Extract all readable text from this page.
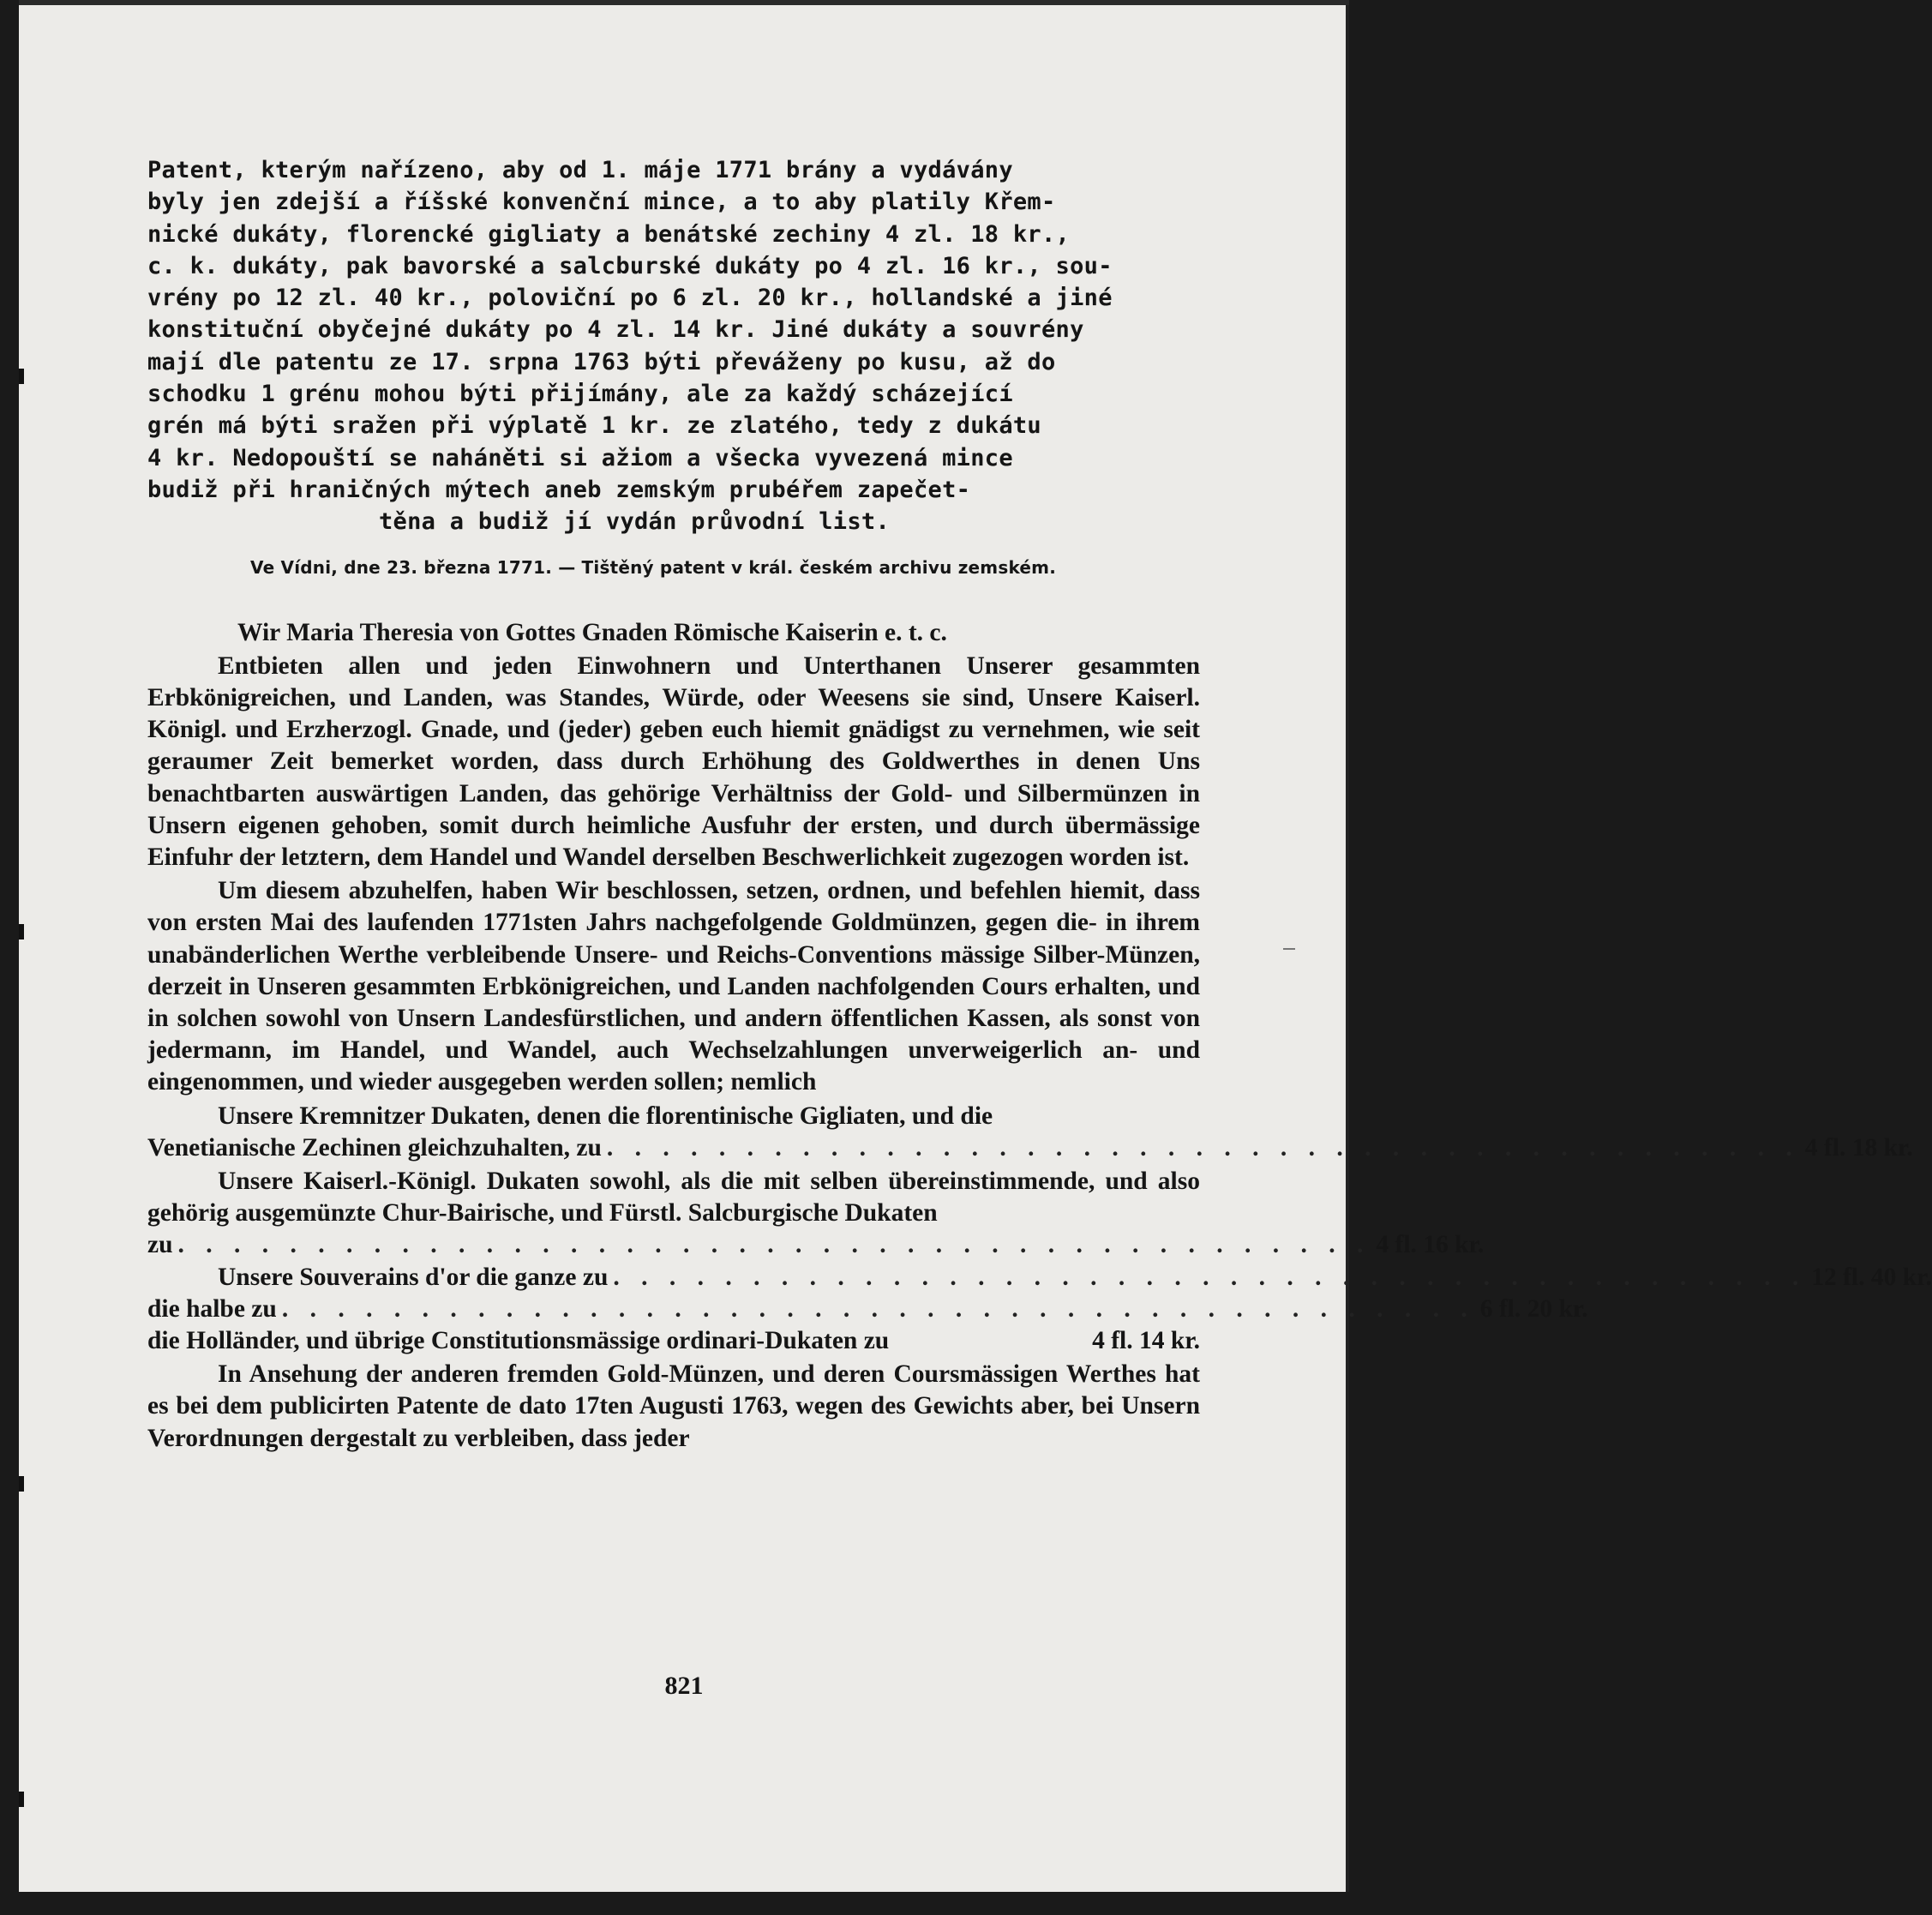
Patent, kterým nařízeno, aby od 1. máje 1771 brány a vydávány
byly jen zdejší a říšské konvenční mince, a to aby platily Křem-
nické dukáty, florencké gigliaty a benátské zechiny 4 zl. 18 kr.,
c. k. dukáty, pak bavorské a salcburské dukáty po 4 zl. 16 kr., sou-
vrény po 12 zl. 40 kr., poloviční po 6 zl. 20 kr., hollandské a jiné
konstituční obyčejné dukáty po 4 zl. 14 kr. Jiné dukáty a souvrény
mají dle patentu ze 17. srpna 1763 býti převáženy po kusu, až do
schodku 1 grénu mohou býti přijímány, ale za každý scházející
grén má býti sražen při výplatě 1 kr. ze zlatého, tedy z dukátu
4 kr. Nedopouští se naháněti si ažiom a všecka vyvezená mince
budiž při hraničných mýtech aneb zemským prubéřem zapečet-
těna a budiž jí vydán průvodní list.
Ve Vídni, dne 23. března 1771. — Tištěný patent v král. českém archivu zemském.

Wir Maria Theresia von Gottes Gnaden Römische Kaiserin e. t. c.

Entbieten allen und jeden Einwohnern und Unterthanen Unserer gesammten Erbkönigreichen, und Landen, was Standes, Würde, oder Weesens sie sind, Unsere Kaiserl. Königl. und Erzherzogl. Gnade, und (jeder) geben euch hiemit gnädigst zu vernehmen, wie seit geraumer Zeit bemerket worden, dass durch Erhöhung des Goldwerthes in denen Uns benachtbarten auswärtigen Landen, das gehörige Verhältniss der Gold- und Silbermünzen in Unsern eigenen gehoben, somit durch heimliche Ausfuhr der ersten, und durch übermässige Einfuhr der letztern, dem Handel und Wandel derselben Beschwerlichkeit zugezogen worden ist.

Um diesem abzuhelfen, haben Wir beschlossen, setzen, ordnen, und befehlen hiemit, dass von ersten Mai des laufenden 1771sten Jahrs nachgefolgende Goldmünzen, gegen die- in ihrem unabänderlichen Werthe verbleibende Unsere- und Reichs-Conventions mässige Silber-Münzen, derzeit in Unseren gesammten Erbkönigreichen, und Landen nachfolgenden Cours erhalten, und in solchen sowohl von Unsern Landesfürstlichen, und andern öffentlichen Kassen, als sonst von jedermann, im Handel, und Wandel, auch Wechselzahlungen unverweigerlich an- und eingenommen, und wieder ausgegeben werden sollen; nemlich

Unsere Kremnitzer Dukaten, denen die florentinische Gigliaten, und die

Venetianische Zechinen gleichzuhalten, zu . . . . . . . . . . . . . . . . . . . . . . . . . . . . . . . . . . . . . . . . . . . 4 fl. 18 kr.

Unsere Kaiserl.-Königl. Dukaten sowohl, als die mit selben übereinstimmende, und also gehörig ausgemünzte Chur-Bairische, und Fürstl. Salcburgische Dukaten

zu . . . . . . . . . . . . . . . . . . . . . . . . . . . . . . . . . . . . . . . . . . . 4 fl. 16 kr.
Unsere Souverains d'or die ganze zu . . . . . . . . . . . . . . . . . . . . . . . . . . . . . . . . . . . . . . . . . . . 12 fl. 40 kr.
die halbe zu . . . . . . . . . . . . . . . . . . . . . . . . . . . . . . . . . . . . . . . . . . . 6 fl. 20 kr.
die Holländer, und übrige Constitutionsmässige ordinari-Dukaten zu	4 fl. 14 kr.

In Ansehung der anderen fremden Gold-Münzen, und deren Coursmässigen Werthes hat es bei dem publicirten Patente de dato 17ten Augusti 1763, wegen des Gewichts aber, bei Unsern Verordnungen dergestalt zu verbleiben, dass jeder

821
